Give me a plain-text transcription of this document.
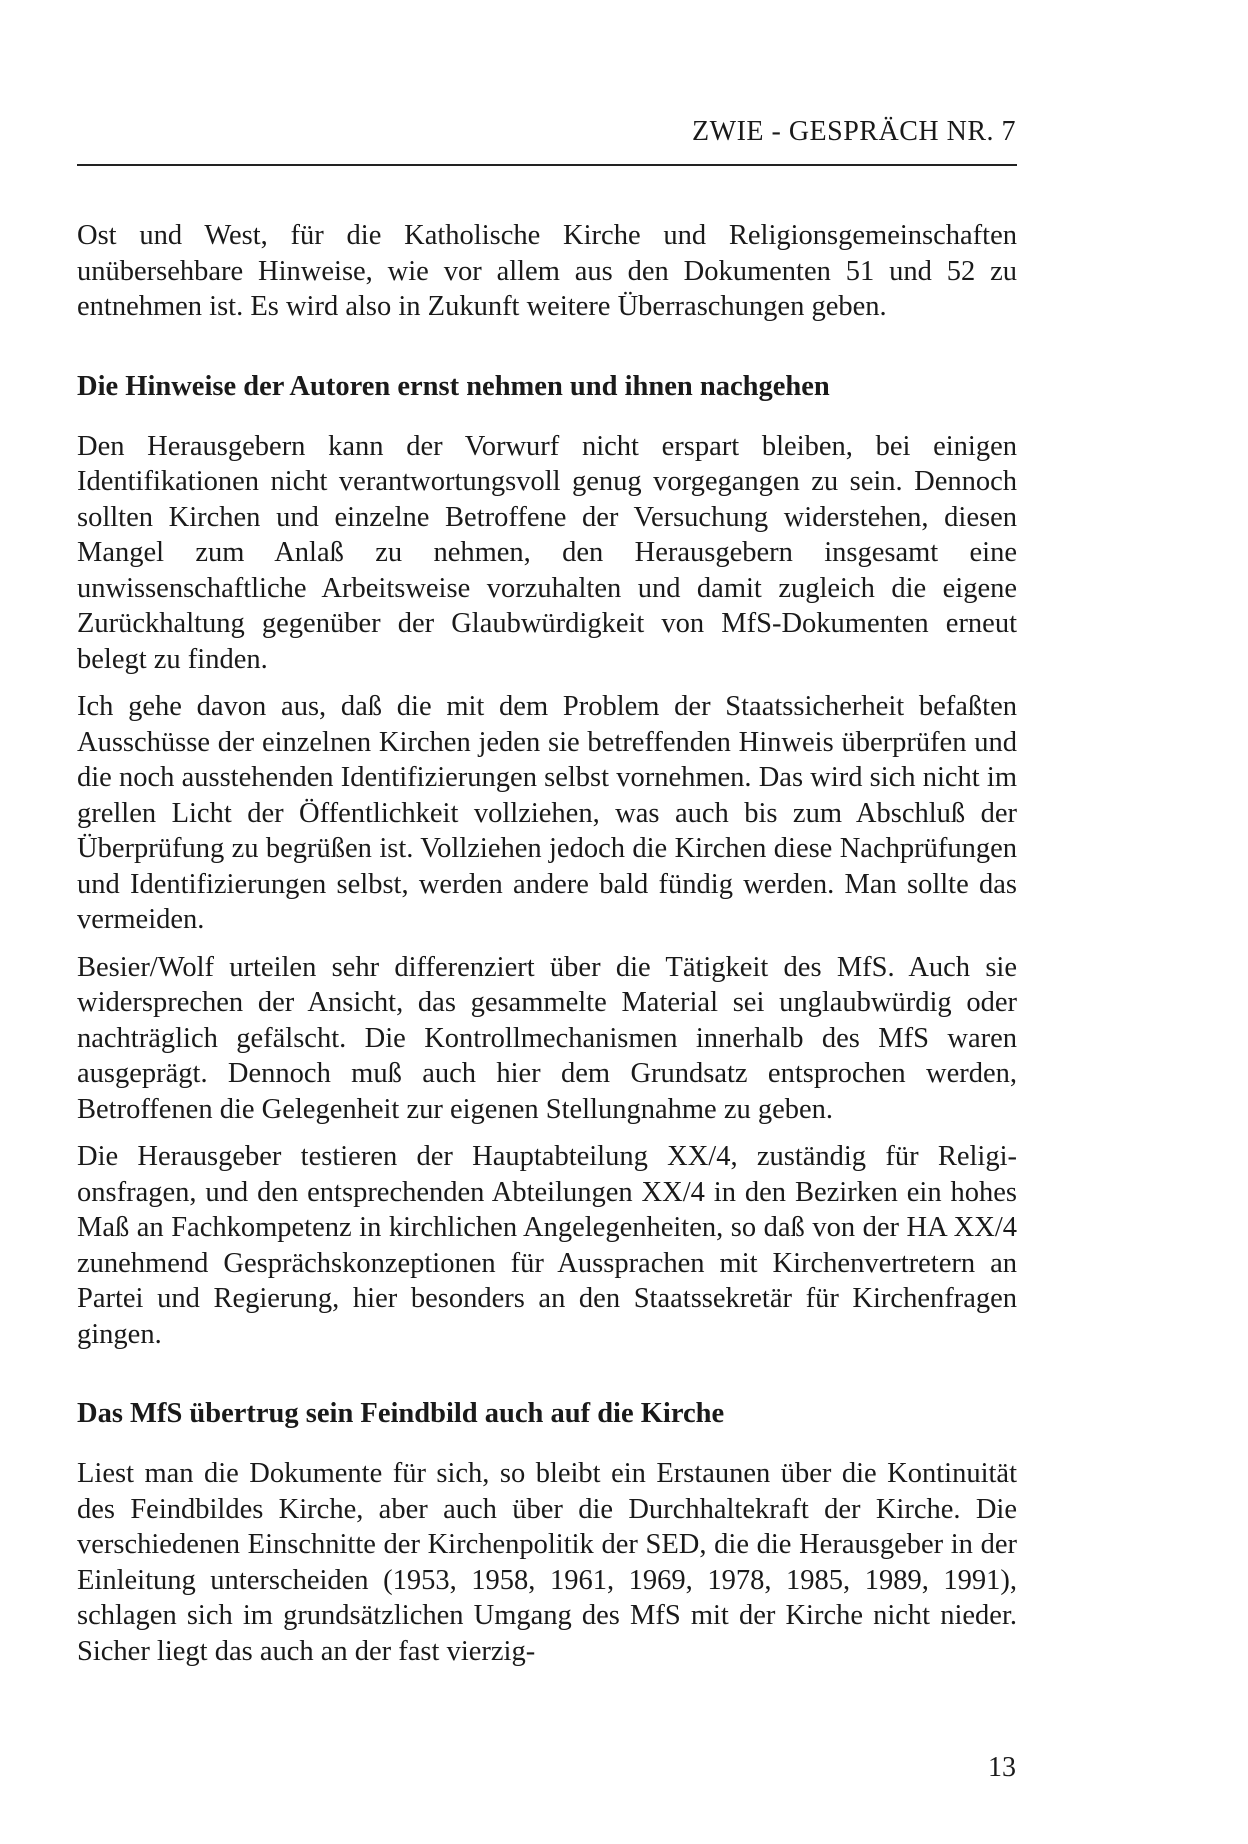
ZWIE - GESPRÄCH NR. 7

Ost und West, für die Katholische Kirche und Religionsgemeinschaften unübersehbare Hinweise, wie vor allem aus den Dokumenten 51 und 52 zu entnehmen ist. Es wird also in Zukunft weitere Überraschungen geben.

Die Hinweise der Autoren ernst nehmen und ihnen nachgehen

Den Herausgebern kann der Vorwurf nicht erspart bleiben, bei einigen Identifikationen nicht verantwortungsvoll genug vorgegangen zu sein. Dennoch sollten Kirchen und einzelne Betroffene der Versuchung widerstehen, diesen Mangel zum Anlaß zu nehmen, den Herausgebern insgesamt eine unwissenschaftliche Arbeitsweise vorzuhalten und damit zugleich die eigene Zurückhaltung gegenüber der Glaubwürdigkeit von MfS-Dokumenten erneut belegt zu finden.

Ich gehe davon aus, daß die mit dem Problem der Staatssicherheit befaßten Ausschüsse der einzelnen Kirchen jeden sie betreffenden Hinweis überprüfen und die noch ausstehenden Identifizierungen selbst vornehmen. Das wird sich nicht im grellen Licht der Öffentlichkeit vollziehen, was auch bis zum Abschluß der Überprüfung zu begrüßen ist. Vollziehen jedoch die Kirchen diese Nachprüfungen und Identifizierungen selbst, werden andere bald fündig werden. Man sollte das vermeiden.

Besier/Wolf urteilen sehr differenziert über die Tätigkeit des MfS. Auch sie widersprechen der Ansicht, das gesammelte Material sei unglaubwürdig oder nachträglich gefälscht. Die Kontrollmechanismen innerhalb des MfS waren ausgeprägt. Dennoch muß auch hier dem Grundsatz entsprochen werden, Betroffenen die Gelegenheit zur eigenen Stellungnahme zu geben.

Die Herausgeber testieren der Hauptabteilung XX/4, zuständig für Religionsfragen, und den entsprechenden Abteilungen XX/4 in den Bezirken ein hohes Maß an Fachkompetenz in kirchlichen Angelegenheiten, so daß von der HA XX/4 zunehmend Gesprächskonzeptionen für Aussprachen mit Kirchenvertretern an Partei und Regierung, hier besonders an den Staatssekretär für Kirchenfragen gingen.

Das MfS übertrug sein Feindbild auch auf die Kirche

Liest man die Dokumente für sich, so bleibt ein Erstaunen über die Kontinuität des Feindbildes Kirche, aber auch über die Durchhaltekraft der Kirche. Die verschiedenen Einschnitte der Kirchenpolitik der SED, die die Herausgeber in der Einleitung unterscheiden (1953, 1958, 1961, 1969, 1978, 1985, 1989, 1991), schlagen sich im grundsätzlichen Umgang des MfS mit der Kirche nicht nieder. Sicher liegt das auch an der fast vierzig-

13
